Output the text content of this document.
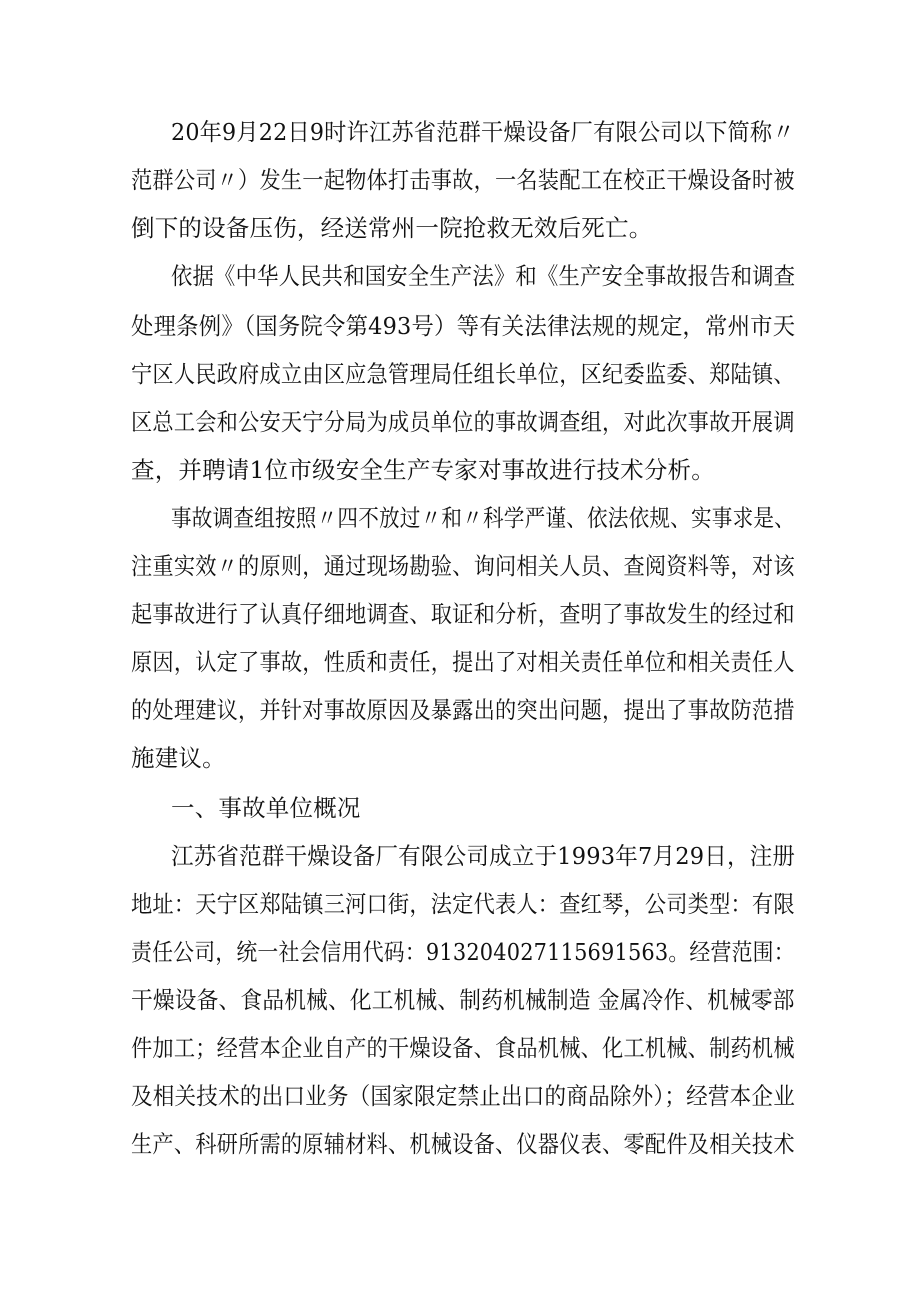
20年9月22日9时许江苏省范群干燥设备厂有限公司以下简称〃
范群公司〃）发生一起物体打击事故，一名装配工在校正干燥设备时被
倒下的设备压伤，经送常州一院抢救无效后死亡。
依据《中华人民共和国安全生产法》和《生产安全事故报告和调查
处理条例》（国务院令第493号）等有关法律法规的规定，常州市天
宁区人民政府成立由区应急管理局任组长单位，区纪委监委、郑陆镇、
区总工会和公安天宁分局为成员单位的事故调查组，对此次事故开展调
查，并聘请1位市级安全生产专家对事故进行技术分析。
事故调查组按照〃四不放过〃和〃科学严谨、依法依规、实事求是、
注重实效〃的原则，通过现场勘验、询问相关人员、查阅资料等，对该
起事故进行了认真仔细地调查、取证和分析，查明了事故发生的经过和
原因，认定了事故，性质和责任，提出了对相关责任单位和相关责任人
的处理建议，并针对事故原因及暴露出的突出问题，提出了事故防范措
施建议。
一、事故单位概况
江苏省范群干燥设备厂有限公司成立于1993年7月29日，注册
地址：天宁区郑陆镇三河口街，法定代表人：查红琴，公司类型：有限
责任公司，统一社会信用代码：913204027115691563。经营范围：
干燥设备、食品机械、化工机械、制药机械制造 金属冷作、机械零部
件加工；经营本企业自产的干燥设备、食品机械、化工机械、制药机械
及相关技术的出口业务（国家限定禁止出口的商品除外）；经营本企业
生产、科研所需的原辅材料、机械设备、仪器仪表、零配件及相关技术
